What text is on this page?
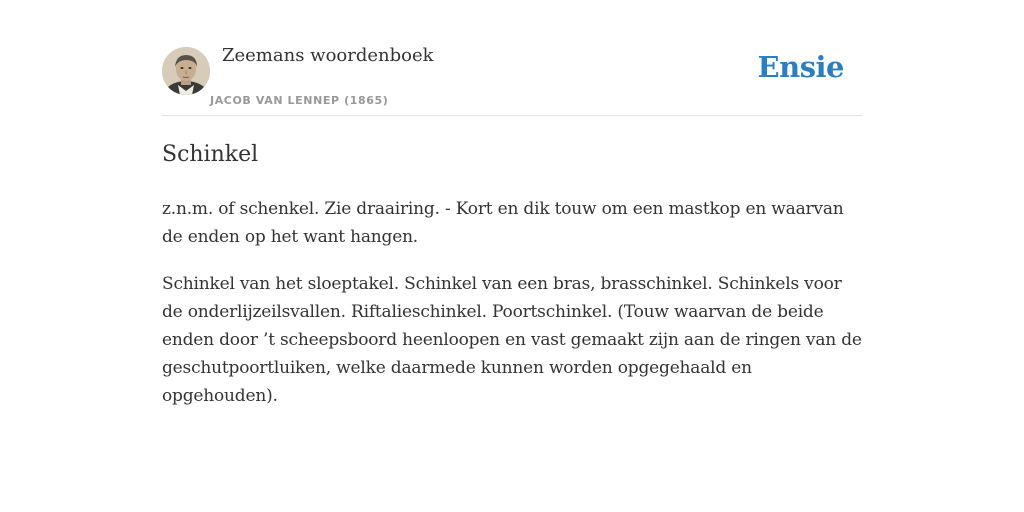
Zeemans woordenboek
JACOB VAN LENNEP (1865)
Ensie
Schinkel

z.n.m. of schenkel. Zie draairing. - Kort en dik touw om een mastkop en waarvan de enden op het want hangen.

Schinkel van het sloeptakel. Schinkel van een bras, brasschinkel. Schinkels voor de onderlijzeilsvallen. Riftalieschinkel. Poortschinkel. (Touw waarvan de beide enden door ’t scheepsboord heenloopen en vast gemaakt zijn aan de ringen van de geschutpoortluiken, welke daarmede kunnen worden opgegehaald en opgehouden).
